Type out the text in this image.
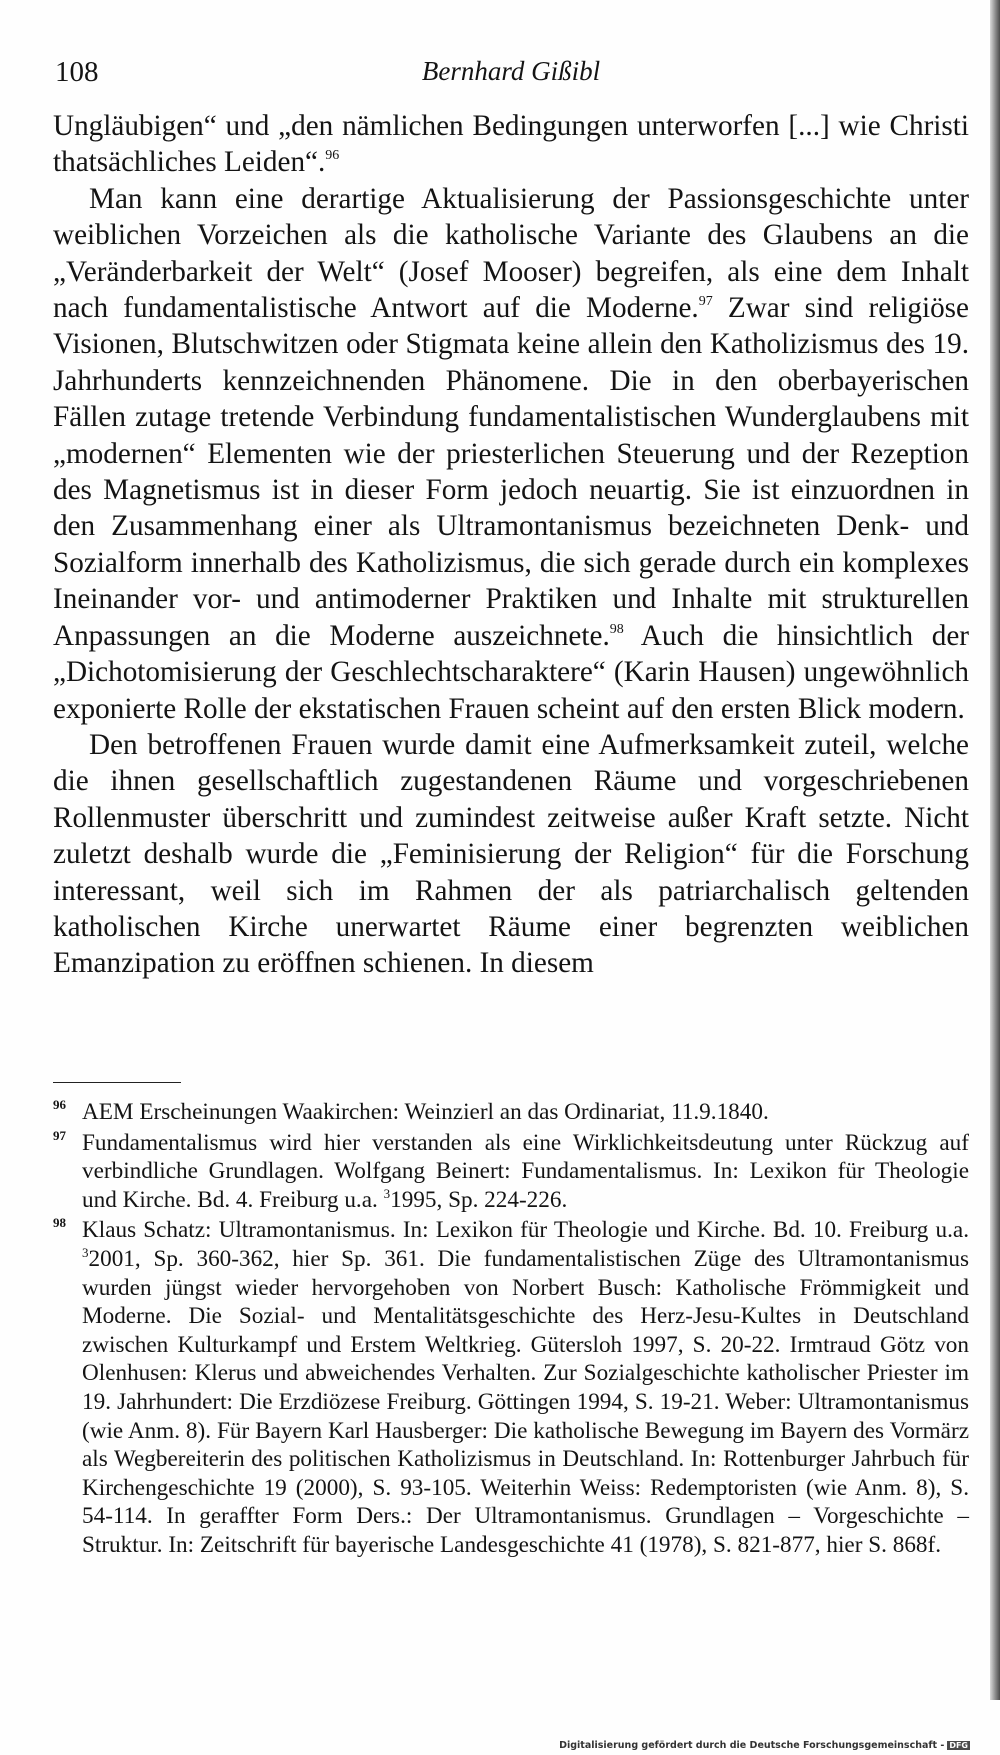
108	Bernhard Gißibl

Ungläubigen“ und „den nämlichen Bedingungen unterworfen [...] wie Christi thatsächliches Leiden“.$^{96}$

Man kann eine derartige Aktualisierung der Passionsgeschichte unter weiblichen Vorzeichen als die katholische Variante des Glaubens an die „Veränderbarkeit der Welt“ (Josef Mooser) begreifen, als eine dem Inhalt nach fundamentalistische Antwort auf die Moderne.$^{97}$ Zwar sind religiöse Visionen, Blutschwitzen oder Stigmata keine allein den Katholizismus des 19. Jahrhunderts kennzeichnenden Phänomene. Die in den oberbayerischen Fällen zutage tretende Verbindung fundamentalistischen Wunderglaubens mit „modernen“ Elementen wie der priesterlichen Steuerung und der Rezeption des Magnetismus ist in dieser Form jedoch neuartig. Sie ist einzuordnen in den Zusammenhang einer als Ultramontanismus bezeichneten Denk- und Sozialform innerhalb des Katholizismus, die sich gerade durch ein komplexes Ineinander vor- und antimoderner Praktiken und Inhalte mit strukturellen Anpassungen an die Moderne auszeichnete.$^{98}$ Auch die hinsichtlich der „Dichotomisierung der Geschlechtscharaktere“ (Karin Hausen) ungewöhnlich exponierte Rolle der ekstatischen Frauen scheint auf den ersten Blick modern.

Den betroffenen Frauen wurde damit eine Aufmerksamkeit zuteil, welche die ihnen gesellschaftlich zugestandenen Räume und vorgeschriebenen Rollenmuster überschritt und zumindest zeitweise außer Kraft setzte. Nicht zuletzt deshalb wurde die „Feminisierung der Religion“ für die Forschung interessant, weil sich im Rahmen der als patriarchalisch geltenden katholischen Kirche unerwartet Räume einer begrenzten weiblichen Emanzipation zu eröffnen schienen. In diesem

96 AEM Erscheinungen Waakirchen: Weinzierl an das Ordinariat, 11.9.1840.
97 Fundamentalismus wird hier verstanden als eine Wirklichkeitsdeutung unter Rückzug auf verbindliche Grundlagen. Wolfgang Beinert: Fundamentalismus. In: Lexikon für Theologie und Kirche. Bd. 4. Freiburg u.a. $^3$1995, Sp. 224-226.
98 Klaus Schatz: Ultramontanismus. In: Lexikon für Theologie und Kirche. Bd. 10. Freiburg u.a. $^3$2001, Sp. 360-362, hier Sp. 361. Die fundamentalistischen Züge des Ultramontanismus wurden jüngst wieder hervorgehoben von Norbert Busch: Katholische Frömmigkeit und Moderne. Die Sozial- und Mentalitätsgeschichte des Herz-Jesu-Kultes in Deutschland zwischen Kulturkampf und Erstem Weltkrieg. Gütersloh 1997, S. 20-22. Irmtraud Götz von Olenhusen: Klerus und abweichendes Verhalten. Zur Sozialgeschichte katholischer Priester im 19. Jahrhundert: Die Erzdiözese Freiburg. Göttingen 1994, S. 19-21. Weber: Ultramontanismus (wie Anm. 8). Für Bayern Karl Hausberger: Die katholische Bewegung im Bayern des Vormärz als Wegbereiterin des politischen Katholizismus in Deutschland. In: Rottenburger Jahrbuch für Kirchengeschichte 19 (2000), S. 93-105. Weiterhin Weiss: Redemptoristen (wie Anm. 8), S. 54-114. In geraffter Form Ders.: Der Ultramontanismus. Grundlagen – Vorgeschichte – Struktur. In: Zeitschrift für bayerische Landesgeschichte 41 (1978), S. 821-877, hier S. 868f.
Digitalisierung gefördert durch die Deutsche Forschungsgemeinschaft - DFG
